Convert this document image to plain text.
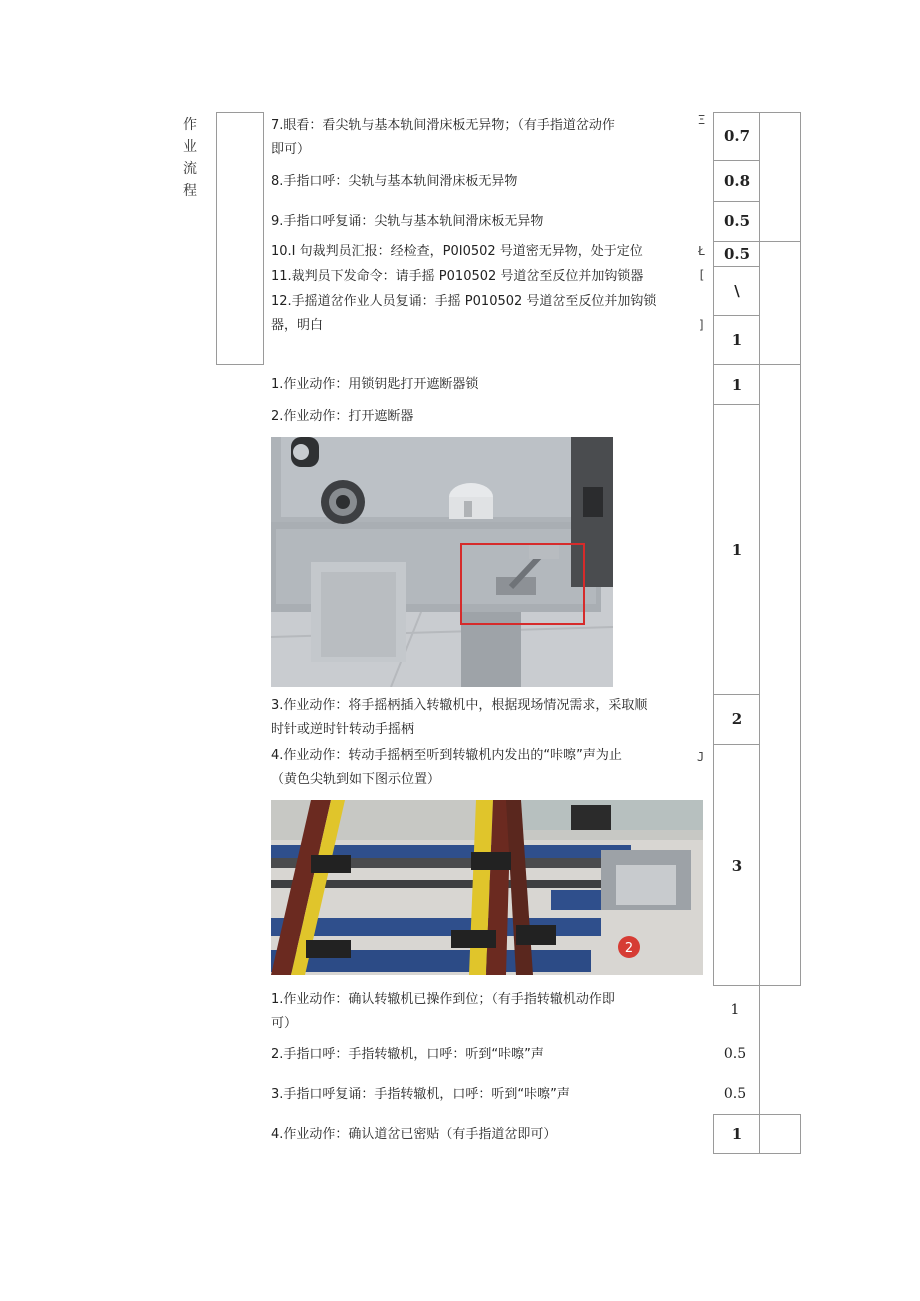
作
业
流
程
7.眼看：看尖轨与基本轨间滑床板无异物；（有手指道岔动作
即可）
8.手指口呼：尖轨与基本轨间滑床板无异物
9.手指口呼复诵：尖轨与基本轨间滑床板无异物
10.I 句裁判员汇报：经检查，P0I0502 号道密无异物，处于定位
11.裁判员下发命令：请手摇 P010502 号道岔至反位并加钩锁器
12.手摇道岔作业人员复诵：手摇 P010502 号道岔至反位并加钩锁
器，明白
Ξ
Ł
[
]
0.7
0.8
0.5
0.5
\
1
1.作业动作：用锁钥匙打开遮断器锁
2.作业动作：打开遮断器
3.作业动作：将手摇柄插入转辙机中，根据现场情况需求，采取顺
时针或逆时针转动手摇柄
4.作业动作：转动手摇柄至听到转辙机内发出的“咔嚓”声为止
（黄色尖轨到如下图示位置）
2
J
1
1
2
3
1.作业动作：确认转辙机已操作到位；（有手指转辙机动作即
可）
2.手指口呼：手指转辙机，口呼：听到“咔嚓”声
3.手指口呼复诵：手指转辙机，口呼：听到“咔嚓”声
4.作业动作：确认道岔已密贴（有手指道岔即可）
1
0.5
0.5
1
